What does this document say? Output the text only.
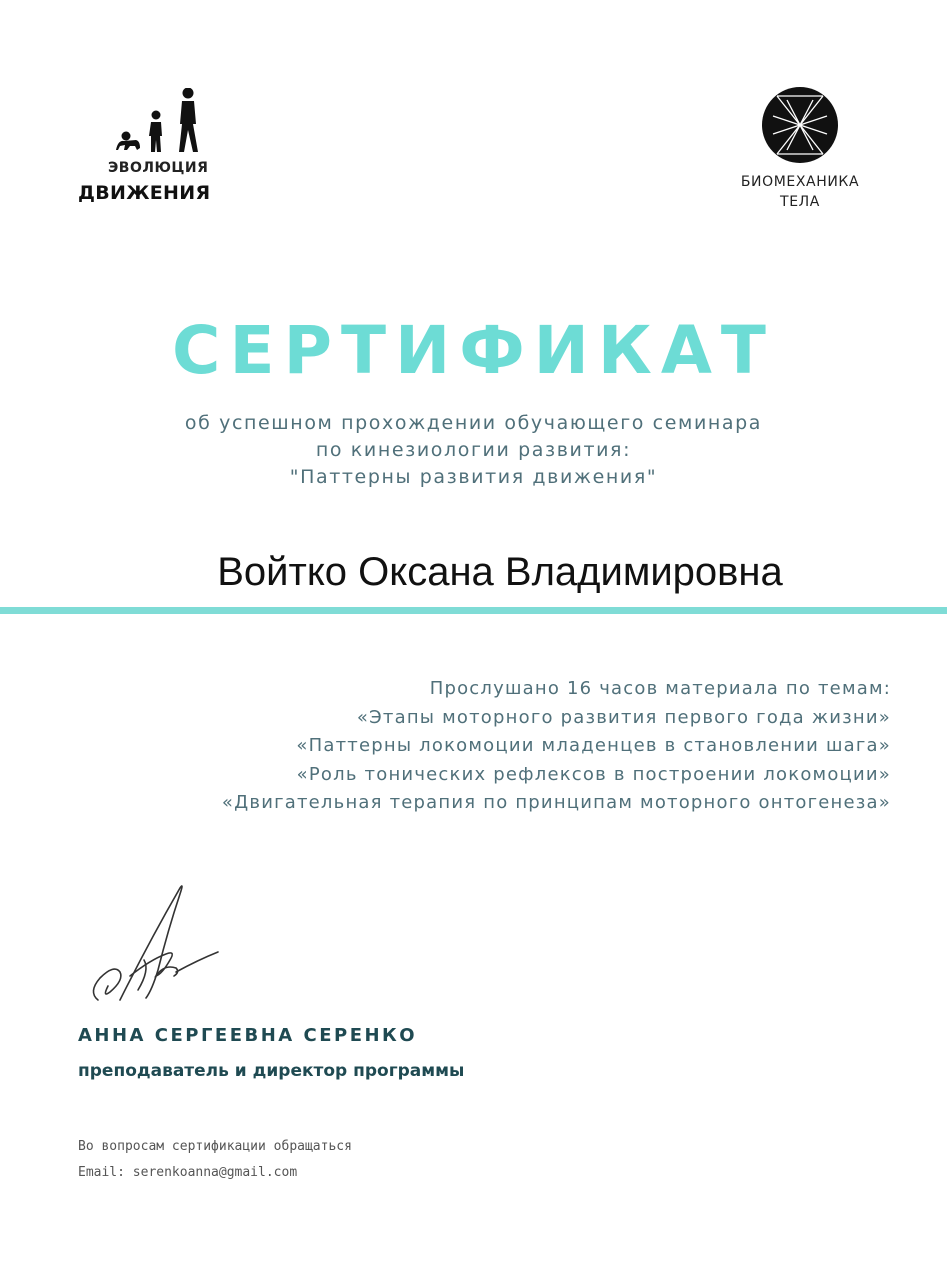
ЭВОЛЮЦИЯ
ДВИЖЕНИЯ	БИОМЕХАНИКА
ТЕЛА
СЕРТИФИКАТ
об успешном прохождении обучающего семинара
по кинезиологии развития:
"Паттерны развития движения"
Войтко Оксана Владимировна
Прослушано 16 часов материала по темам:
«Этапы моторного развития первого года жизни»
«Паттерны локомоции младенцев в становлении шага»
«Роль тонических рефлексов в построении локомоции»
«Двигательная терапия по принципам моторного онтогенеза»
АННА СЕРГЕЕВНА СЕРЕНКО
преподаватель и директор программы
Во вопросам сертификации обращаться
Email: serenkoanna@gmail.com
